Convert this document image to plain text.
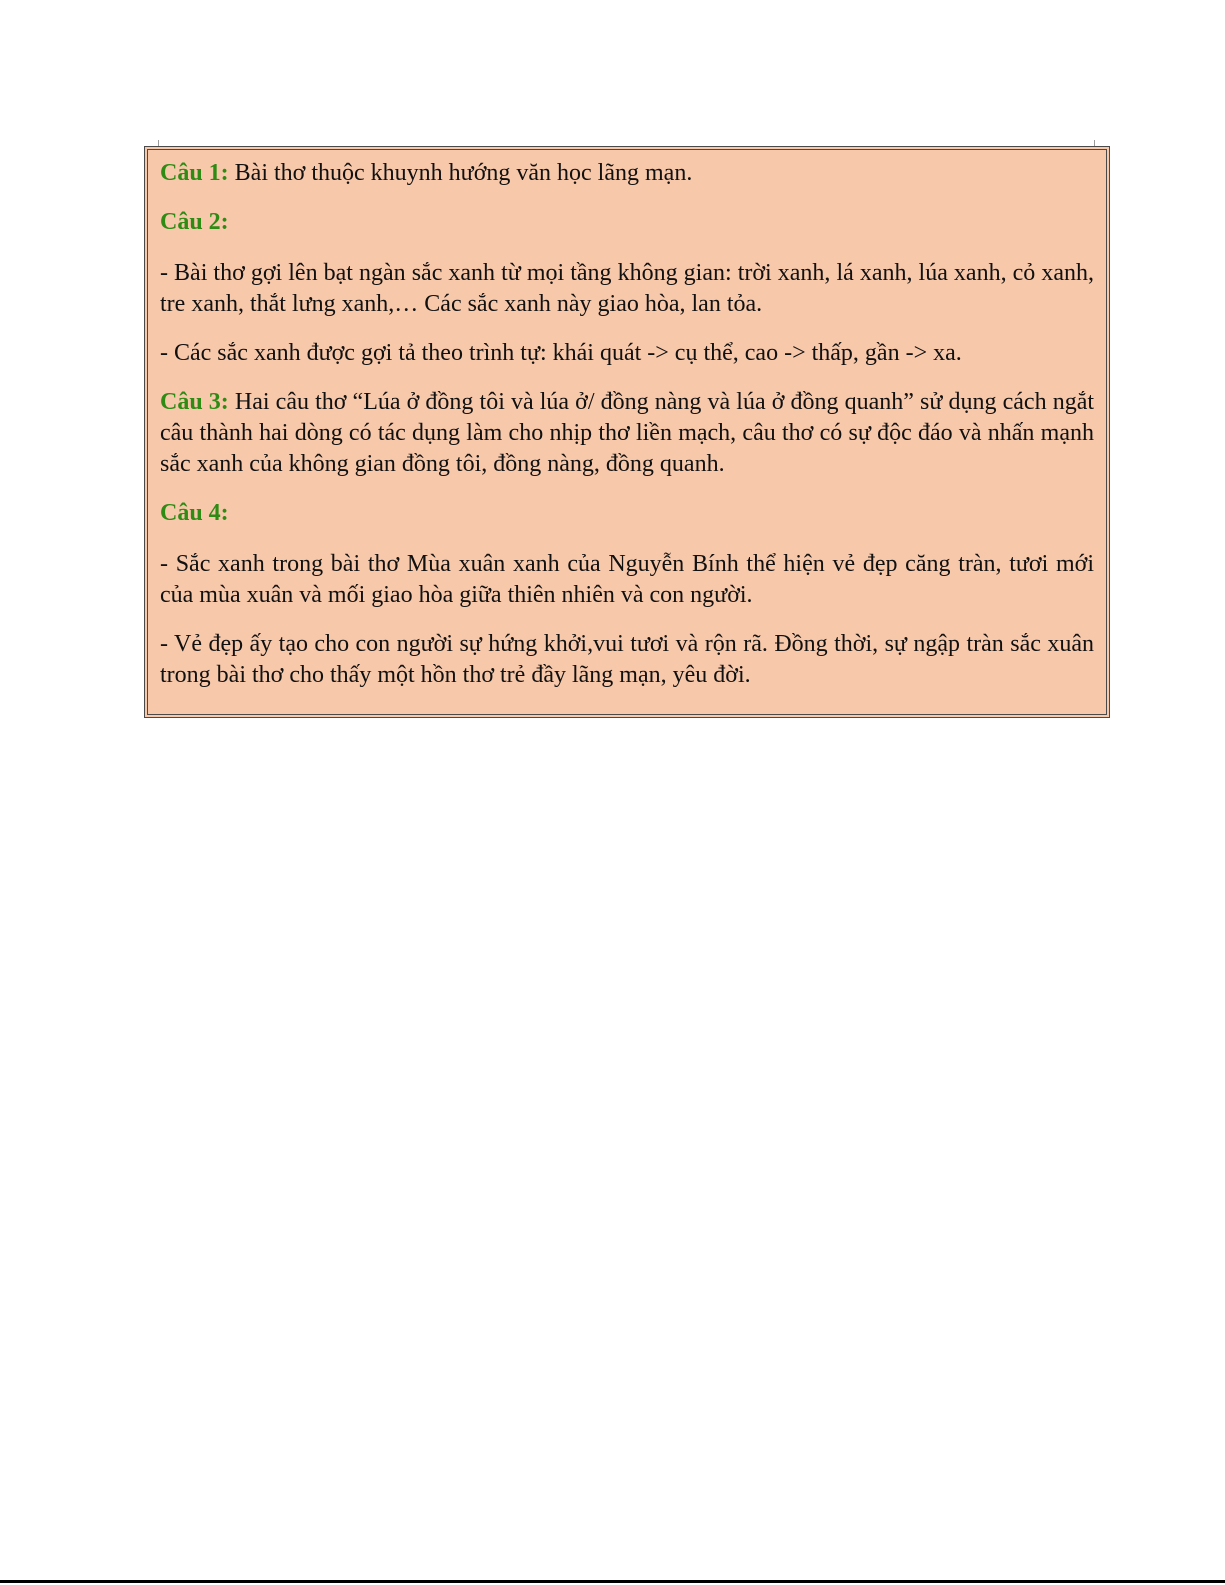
Câu 1: Bài thơ thuộc khuynh hướng văn học lãng mạn.

Câu 2:

- Bài thơ gợi lên bạt ngàn sắc xanh từ mọi tầng không gian: trời xanh, lá xanh, lúa xanh, cỏ xanh, tre xanh, thắt lưng xanh,… Các sắc xanh này giao hòa, lan tỏa.

- Các sắc xanh được gợi tả theo trình tự: khái quát -> cụ thể, cao -> thấp, gần -> xa.

Câu 3: Hai câu thơ “Lúa ở đồng tôi và lúa ở/ đồng nàng và lúa ở đồng quanh” sử dụng cách ngắt câu thành hai dòng có tác dụng làm cho nhịp thơ liền mạch, câu thơ có sự độc đáo và nhấn mạnh sắc xanh của không gian đồng tôi, đồng nàng, đồng quanh.

Câu 4:

- Sắc xanh trong bài thơ Mùa xuân xanh của Nguyễn Bính thể hiện vẻ đẹp căng tràn, tươi mới của mùa xuân và mối giao hòa giữa thiên nhiên và con người.

- Vẻ đẹp ấy tạo cho con người sự hứng khởi,vui tươi và rộn rã. Đồng thời, sự ngập tràn sắc xuân trong bài thơ cho thấy một hồn thơ trẻ đầy lãng mạn, yêu đời.
